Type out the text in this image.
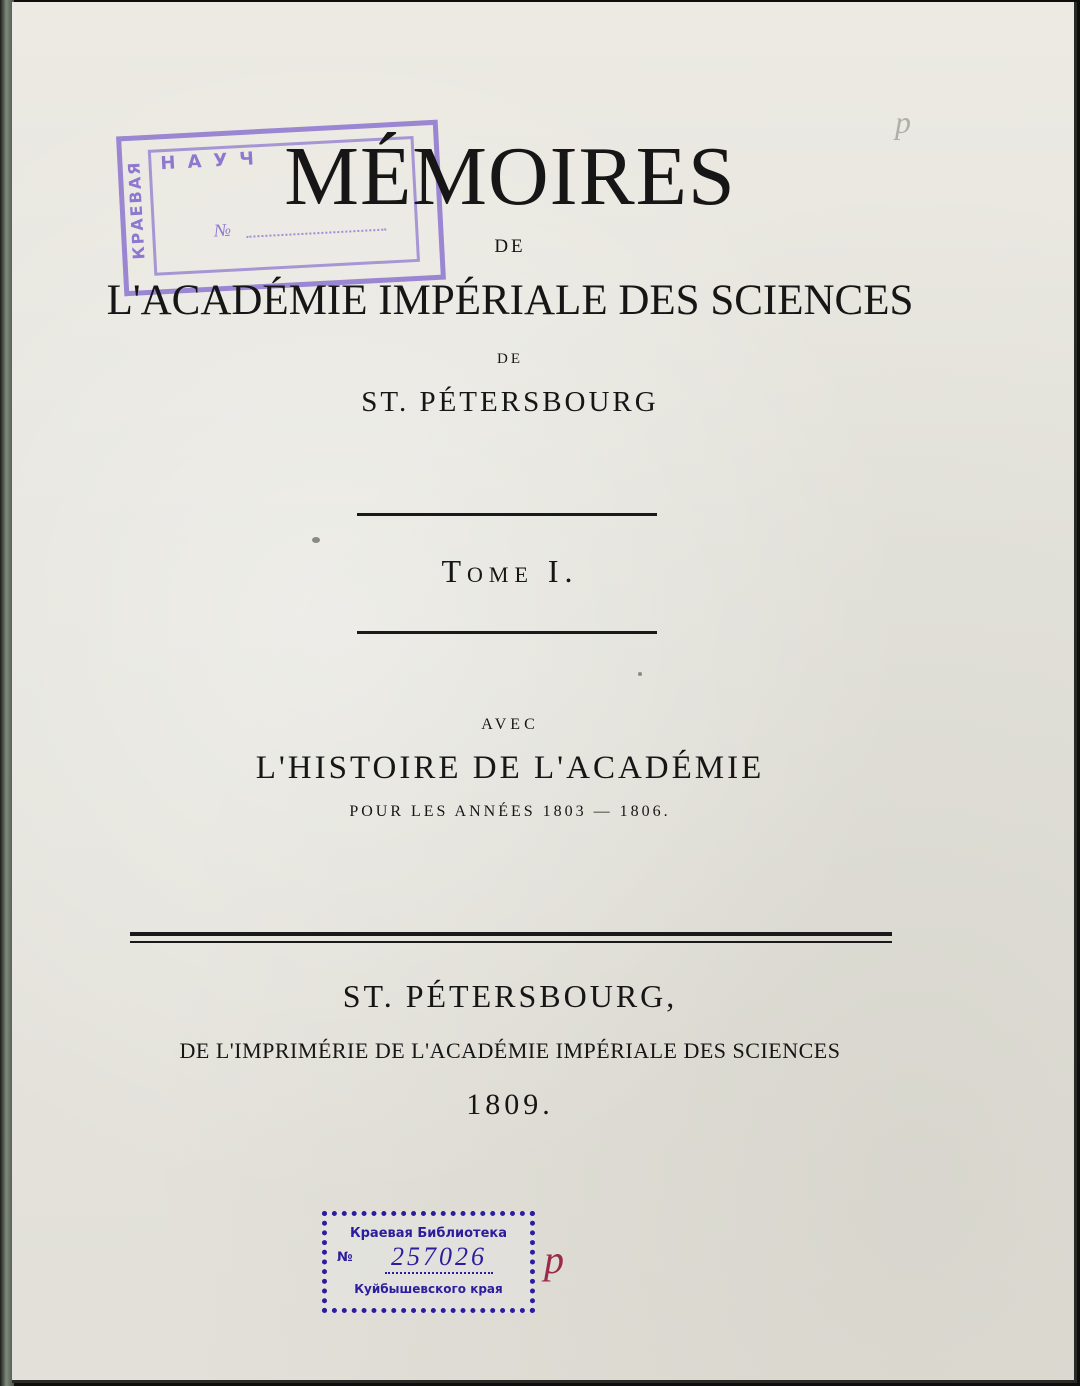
КРАЕВАЯ НАУЧ
№
MÉMOIRES
DE
L'ACADÉMIE IMPÉRIALE DES SCIENCES
DE
ST. PÉTERSBOURG
Tome I.
AVEC
L'HISTOIRE DE L'ACADÉMIE
POUR LES ANNÉES 1803 — 1806.
ST. PÉTERSBOURG,
DE L'IMPRIMÉRIE DE L'ACADÉMIE IMPÉRIALE DES SCIENCES
1809.
Краевая Библиотека
№ 257026
Куйбышевского края
p
p
